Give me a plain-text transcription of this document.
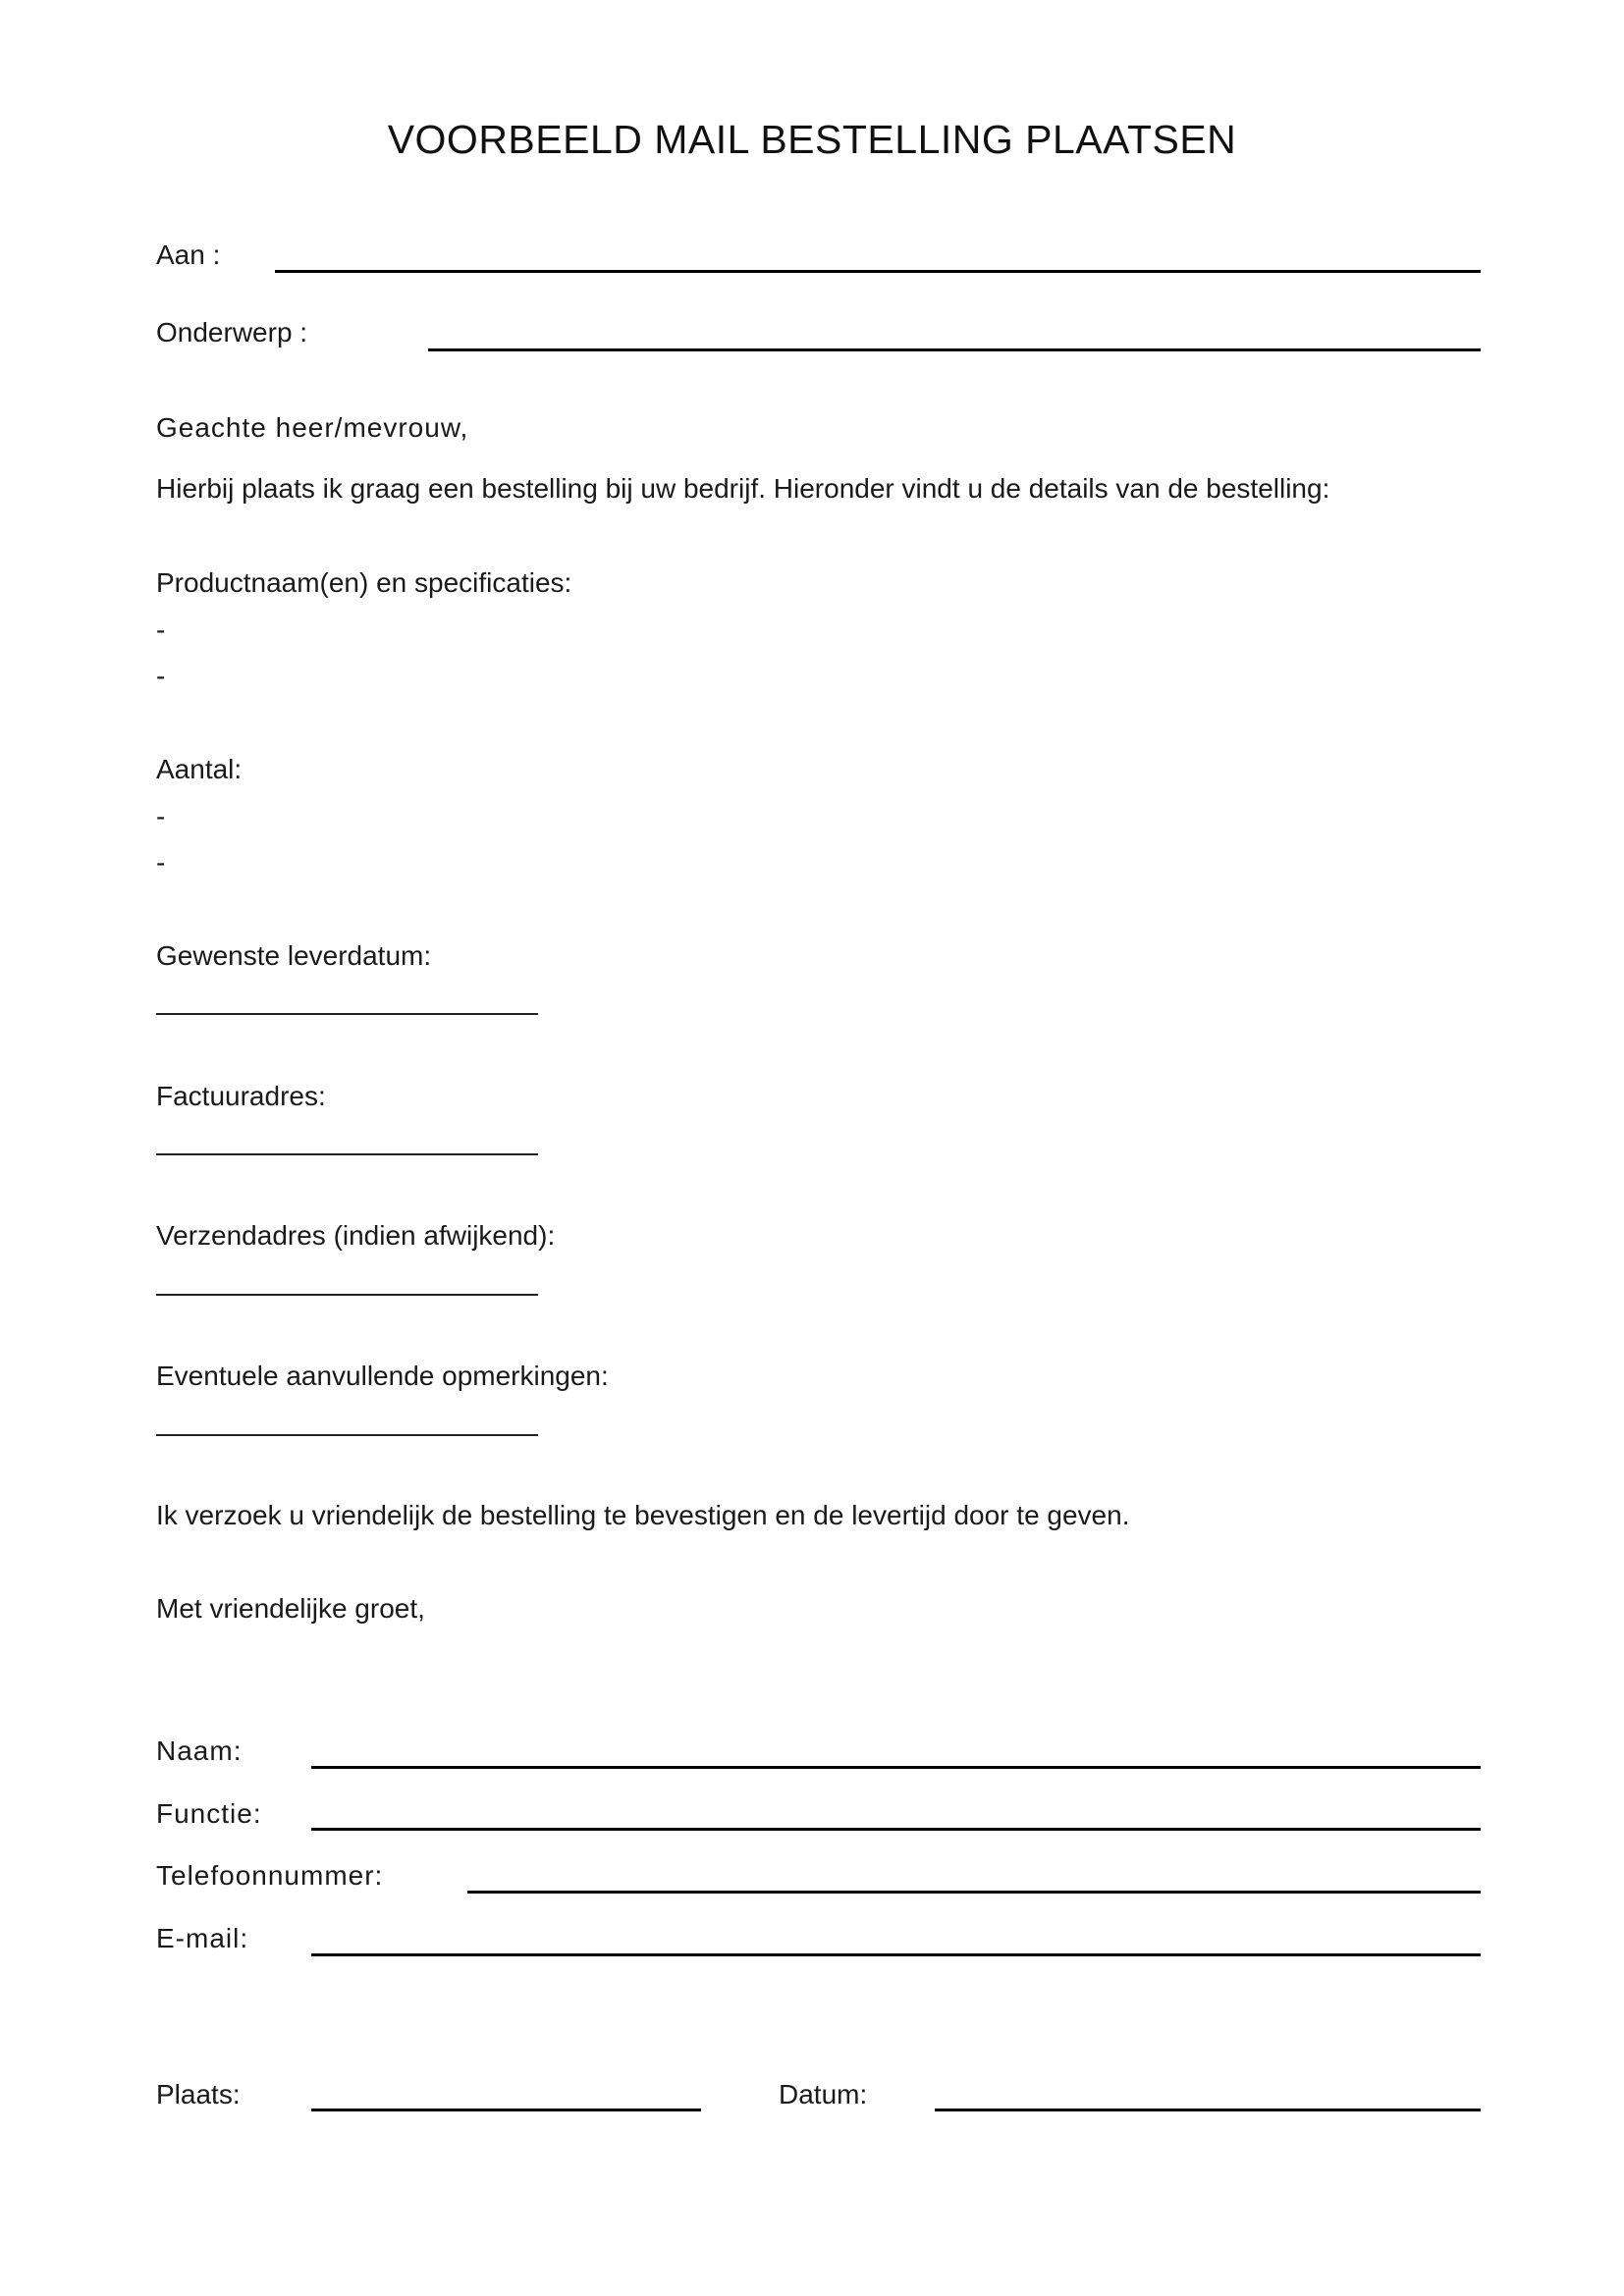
VOORBEELD MAIL BESTELLING PLAATSEN
Aan :
Onderwerp :
Geachte heer/mevrouw,
Hierbij plaats ik graag een bestelling bij uw bedrijf. Hieronder vindt u de details van de bestelling:
Productnaam(en) en specificaties:
-
-
Aantal:
-
-
Gewenste leverdatum:
Factuuradres:
Verzendadres (indien afwijkend):
Eventuele aanvullende opmerkingen:
Ik verzoek u vriendelijk de bestelling te bevestigen en de levertijd door te geven.
Met vriendelijke groet,
Naam:
Functie:
Telefoonnummer:
E-mail:
Plaats:	Datum:
